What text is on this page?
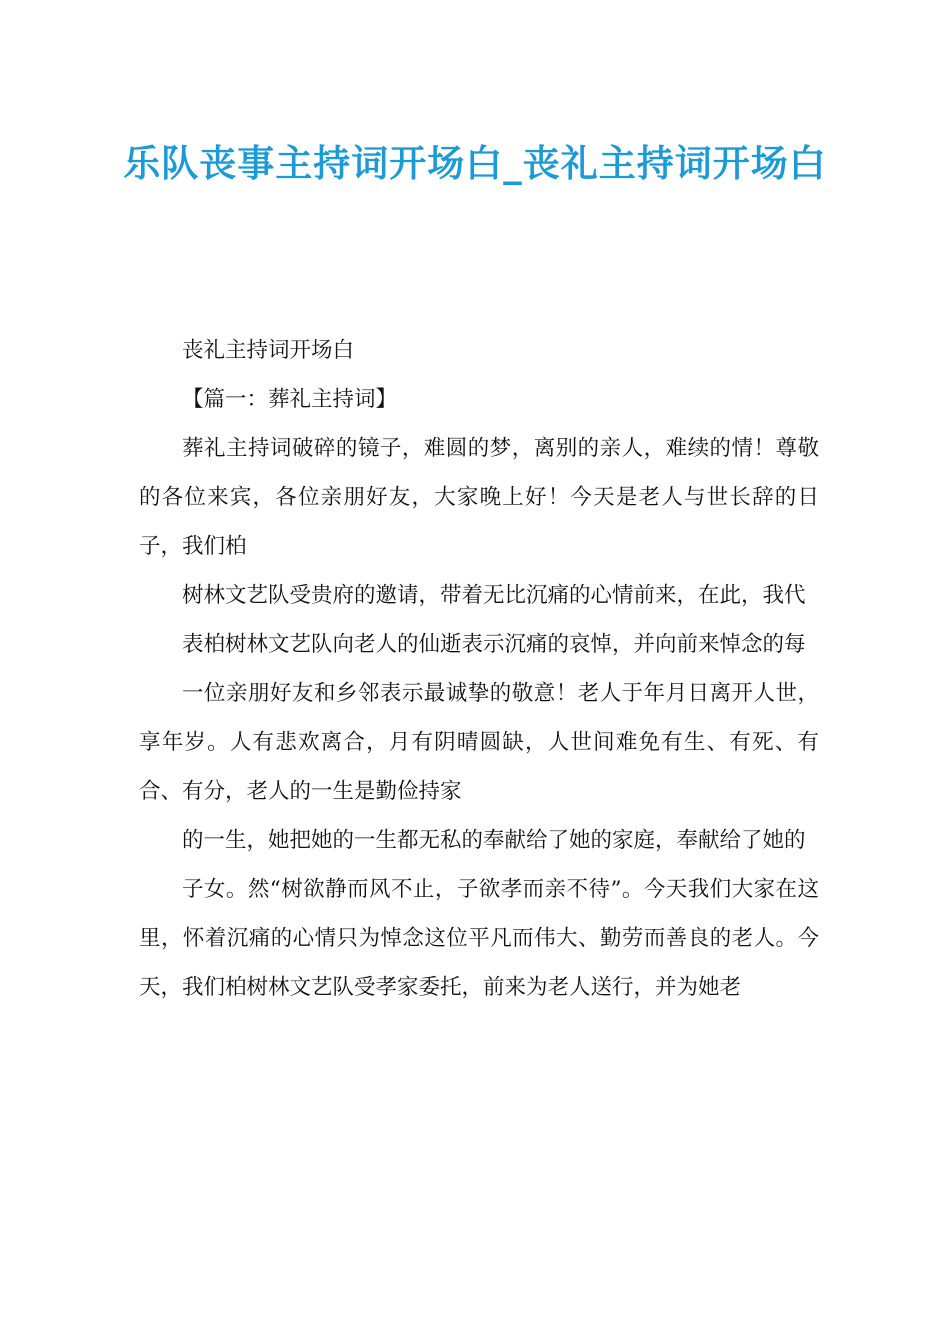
乐队丧事主持词开场白_丧礼主持词开场白

丧礼主持词开场白

【篇一：葬礼主持词】

葬礼主持词破碎的镜子，难圆的梦，离别的亲人，难续的情！尊敬的各位来宾，各位亲朋好友，大家晚上好！今天是老人与世长辞的日子，我们柏

树林文艺队受贵府的邀请，带着无比沉痛的心情前来，在此，我代

表柏树林文艺队向老人的仙逝表示沉痛的哀悼，并向前来悼念的每

一位亲朋好友和乡邻表示最诚挚的敬意！老人于年月日离开人世，享年岁。人有悲欢离合，月有阴晴圆缺，人世间难免有生、有死、有合、有分，老人的一生是勤俭持家

的一生，她把她的一生都无私的奉献给了她的家庭，奉献给了她的

子女。然“树欲静而风不止，子欲孝而亲不待”。今天我们大家在这里，怀着沉痛的心情只为悼念这位平凡而伟大、勤劳而善良的老人。今天，我们柏树林文艺队受孝家委托，前来为老人送行，并为她老
